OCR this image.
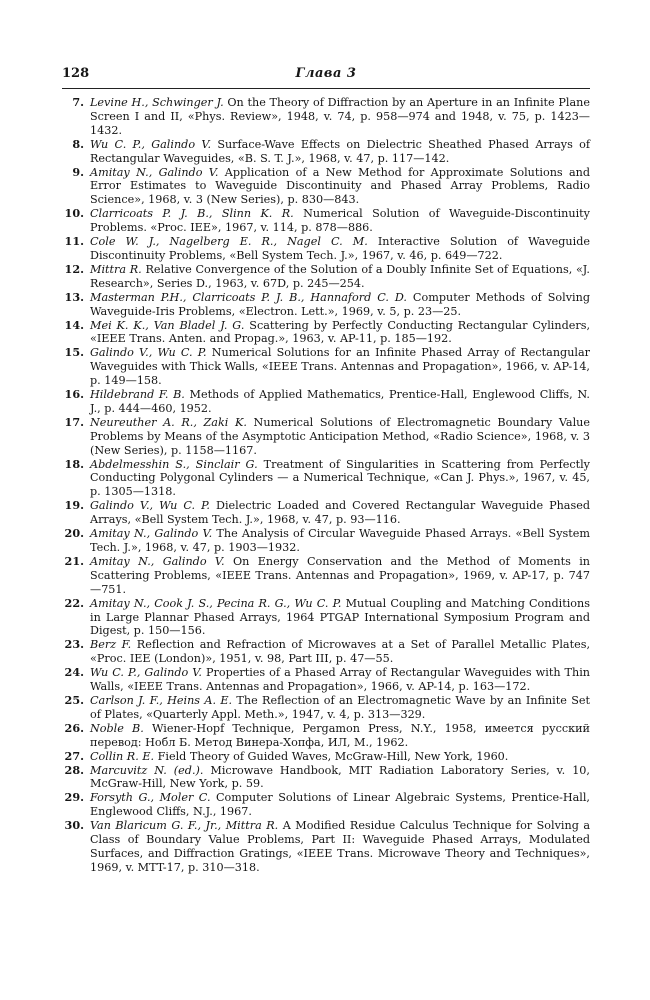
128	Глава 3
7. Levine H., Schwinger J. On the Theory of Diffraction by an Aperture in an Infinite Plane Screen I and II, «Phys. Review», 1948, v. 74, p. 958—974 and 1948, v. 75, p. 1423—1432.
8. Wu C. P., Galindo V. Surface-Wave Effects on Dielectric Sheathed Phased Arrays of Rectangular Waveguides, «B. S. T. J.», 1968, v. 47, p. 117—142.
9. Amitay N., Galindo V. Application of a New Method for Approximate Solutions and Error Estimates to Waveguide Discontinuity and Phased Array Problems, Radio Science», 1968, v. 3 (New Series), p. 830—843.
10. Clarricoats P. J. B., Slinn K. R. Numerical Solution of Waveguide-Discontinuity Problems. «Proc. IEE», 1967, v. 114, p. 878—886.
11. Cole W. J., Nagelberg E. R., Nagel C. M. Interactive Solution of Waveguide Discontinuity Problems, «Bell System Tech. J.», 1967, v. 46, p. 649—722.
12. Mittra R. Relative Convergence of the Solution of a Doubly Infinite Set of Equations, «J. Research», Series D., 1963, v. 67D, p. 245—254.
13. Masterman P.H., Clarricoats P. J. B., Hannaford C. D. Computer Methods of Solving Waveguide-Iris Problems, «Electron. Lett.», 1969, v. 5, p. 23—25.
14. Mei K. K., Van Bladel J. G. Scattering by Perfectly Conducting Rectangular Cylinders, «IEEE Trans. Anten. and Propag.», 1963, v. AP-11, p. 185—192.
15. Galindo V., Wu C. P. Numerical Solutions for an Infinite Phased Array of Rectangular Waveguides with Thick Walls, «IEEE Trans. Antennas and Propagation», 1966, v. AP-14, p. 149—158.
16. Hildebrand F. B. Methods of Applied Mathematics, Prentice-Hall, Englewood Cliffs, N. J., p. 444—460, 1952.
17. Neureuther A. R., Zaki K. Numerical Solutions of Electromagnetic Boundary Value Problems by Means of the Asymptotic Anticipation Method, «Radio Science», 1968, v. 3 (New Series), p. 1158—1167.
18. Abdelmesshin S., Sinclair G. Treatment of Singularities in Scattering from Perfectly Conducting Polygonal Cylinders — a Numerical Technique, «Can J. Phys.», 1967, v. 45, p. 1305—1318.
19. Galindo V., Wu C. P. Dielectric Loaded and Covered Rectangular Waveguide Phased Arrays, «Bell System Tech. J.», 1968, v. 47, p. 93—116.
20. Amitay N., Galindo V. The Analysis of Circular Waveguide Phased Arrays. «Bell System Tech. J.», 1968, v. 47, p. 1903—1932.
21. Amitay N., Galindo V. On Energy Conservation and the Method of Moments in Scattering Problems, «IEEE Trans. Antennas and Propagation», 1969, v. AP-17, p. 747—751.
22. Amitay N., Cook J. S., Pecina R. G., Wu C. P. Mutual Coupling and Matching Conditions in Large Plannar Phased Arrays, 1964 PTGAP International Symposium Program and Digest, p. 150—156.
23. Berz F. Reflection and Refraction of Microwaves at a Set of Parallel Metallic Plates, «Proc. IEE (London)», 1951, v. 98, Part III, p. 47—55.
24. Wu C. P., Galindo V. Properties of a Phased Array of Rectangular Waveguides with Thin Walls, «IEEE Trans. Antennas and Propagation», 1966, v. AP-14, p. 163—172.
25. Carlson J. F., Heins A. E. The Reflection of an Electromagnetic Wave by an Infinite Set of Plates, «Quarterly Appl. Meth.», 1947, v. 4, p. 313—329.
26. Noble B. Wiener-Hopf Technique, Pergamon Press, N.Y., 1958, имеется русский перевод: Нобл Б. Метод Винера-Хопфа, ИЛ, М., 1962.
27. Collin R. E. Field Theory of Guided Waves, McGraw-Hill, New York, 1960.
28. Marcuvitz N. (ed.). Microwave Handbook, MIT Radiation Laboratory Series, v. 10, McGraw-Hill, New York, p. 59.
29. Forsyth G., Moler C. Computer Solutions of Linear Algebraic Systems, Prentice-Hall, Englewood Cliffs, N.J., 1967.
30. Van Blaricum G. F., Jr., Mittra R. A Modified Residue Calculus Technique for Solving a Class of Boundary Value Problems, Part II: Waveguide Phased Arrays, Modulated Surfaces, and Diffraction Gratings, «IEEE Trans. Microwave Theory and Techniques», 1969, v. MTT-17, p. 310—318.
